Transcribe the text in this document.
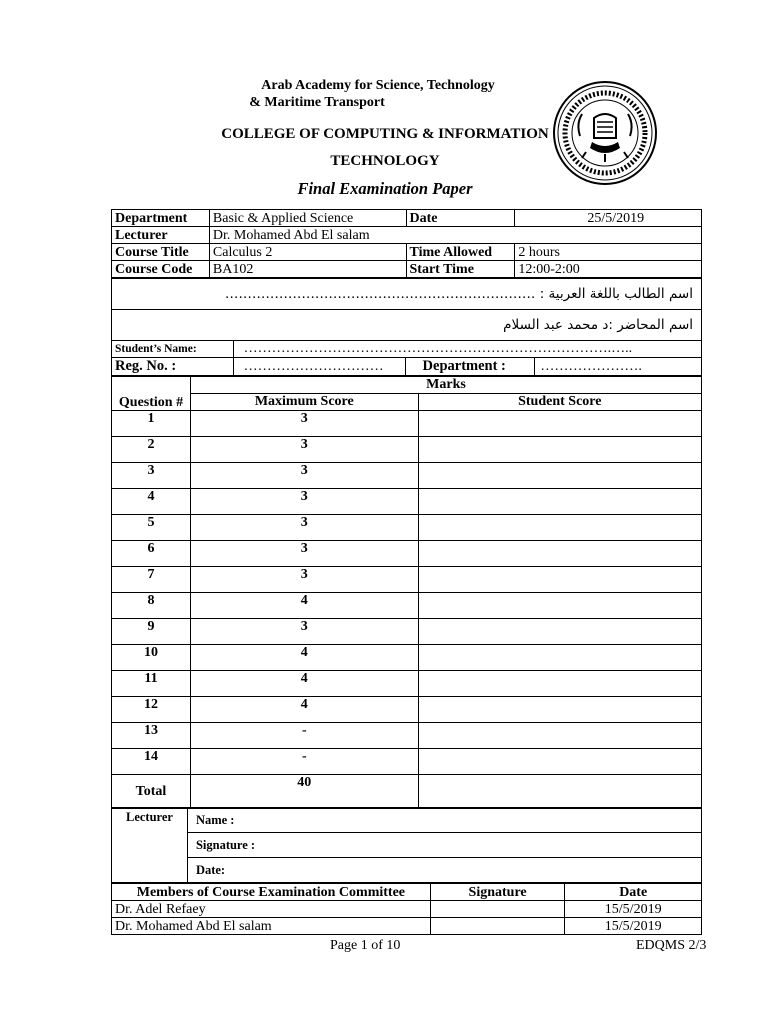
Arab Academy for Science, Technology
& Maritime Transport
COLLEGE OF COMPUTING & INFORMATION
TECHNOLOGY
Final Examination Paper
Department	Basic & Applied Science	Date	25/5/2019
Lecturer	Dr. Mohamed Abd El salam		
Course Title	Calculus 2	Time Allowed	2 hours
Course Code	BA102	Start Time	12:00-2:00
اسم الطالب باللغة العربية : ……………………………………………………………
اسم المحاضر :د محمد عبد السلام
Student’s Name:	…………………………………………………………………….…..		
Reg. No. :	…………………………	Department :	………………….
Question #	Marks	
	Maximum Score	Student Score
1	3	
2	3	
3	3	
4	3	
5	3	
6	3	
7	3	
8	4	
9	3	
10	4	
11	4	
12	4	
13	-	
14	-	
Total	40	
Lecturer	Name :
Signature :
Date:
Members of Course Examination Committee	Signature	Date
Dr. Adel Refaey		15/5/2019
Dr. Mohamed Abd El salam		15/5/2019
Page 1 of 10	EDQMS 2/3
